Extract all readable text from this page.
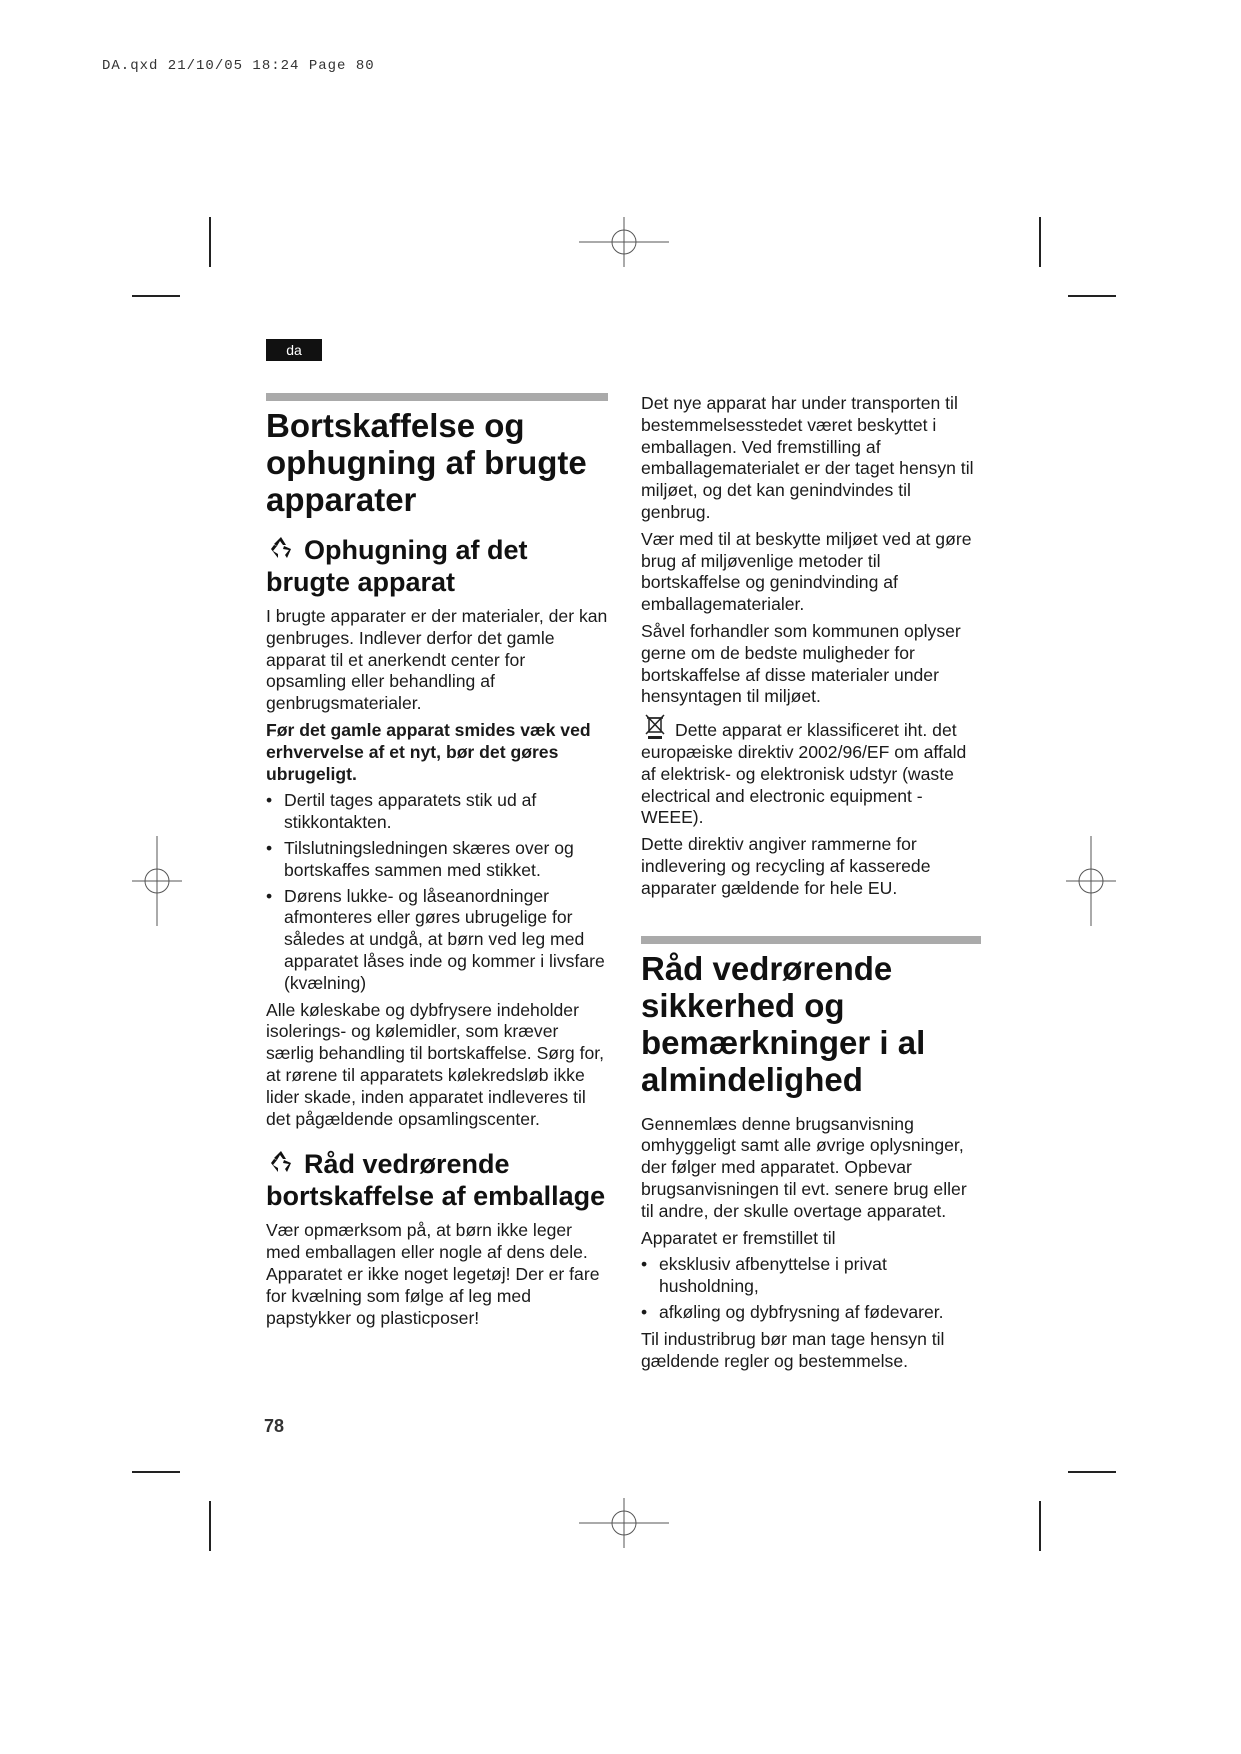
DA.qxd 21/10/05 18:24 Page 80
da
Bortskaffelse og ophugning af brugte apparater
Ophugning af det brugte apparat

I brugte apparater er der materialer, der kan genbruges. Indlever derfor det gamle apparat til et anerkendt center for opsamling eller behandling af genbrugsmaterialer.

Før det gamle apparat smides væk ved erhvervelse af et nyt, bør det gøres ubrugeligt.

• Dertil tages apparatets stik ud af stikkontakten.
• Tilslutningsledningen skæres over og bortskaffes sammen med stikket.
• Dørens lukke- og låseanordninger afmonteres eller gøres ubrugelige for således at undgå, at børn ved leg med apparatet låses inde og kommer i livsfare (kvælning)

Alle køleskabe og dybfrysere indeholder isolerings- og kølemidler, som kræver særlig behandling til bortskaffelse. Sørg for, at rørene til apparatets kølekredsløb ikke lider skade, inden apparatet indleveres til det pågældende opsamlingscenter.

Råd vedrørende bortskaffelse af emballage

Vær opmærksom på, at børn ikke leger med emballagen eller nogle af dens dele. Apparatet er ikke noget legetøj! Der er fare for kvælning som følge af leg med papstykker og plasticposer!

Det nye apparat har under transporten til bestemmelsesstedet været beskyttet i emballagen. Ved fremstilling af emballagematerialet er der taget hensyn til miljøet, og det kan genindvindes til genbrug.

Vær med til at beskytte miljøet ved at gøre brug af miljøvenlige metoder til bortskaffelse og genindvinding af emballagematerialer.

Såvel forhandler som kommunen oplyser gerne om de bedste muligheder for bortskaffelse af disse materialer under hensyntagen til miljøet.

Dette apparat er klassificeret iht. det europæiske direktiv 2002/96/EF om affald af elektrisk- og elektronisk udstyr (waste electrical and electronic equipment - WEEE).

Dette direktiv angiver rammerne for indlevering og recycling af kasserede apparater gældende for hele EU.

Råd vedrørende sikkerhed og bemærkninger i al almindelighed

Gennemlæs denne brugsanvisning omhyggeligt samt alle øvrige oplysninger, der følger med apparatet. Opbevar brugsanvisningen til evt. senere brug eller til andre, der skulle overtage apparatet.

Apparatet er fremstillet til

• eksklusiv afbenyttelse i privat husholdning,
• afkøling og dybfrysning af fødevarer.

Til industribrug bør man tage hensyn til gældende regler og bestemmelse.

78
